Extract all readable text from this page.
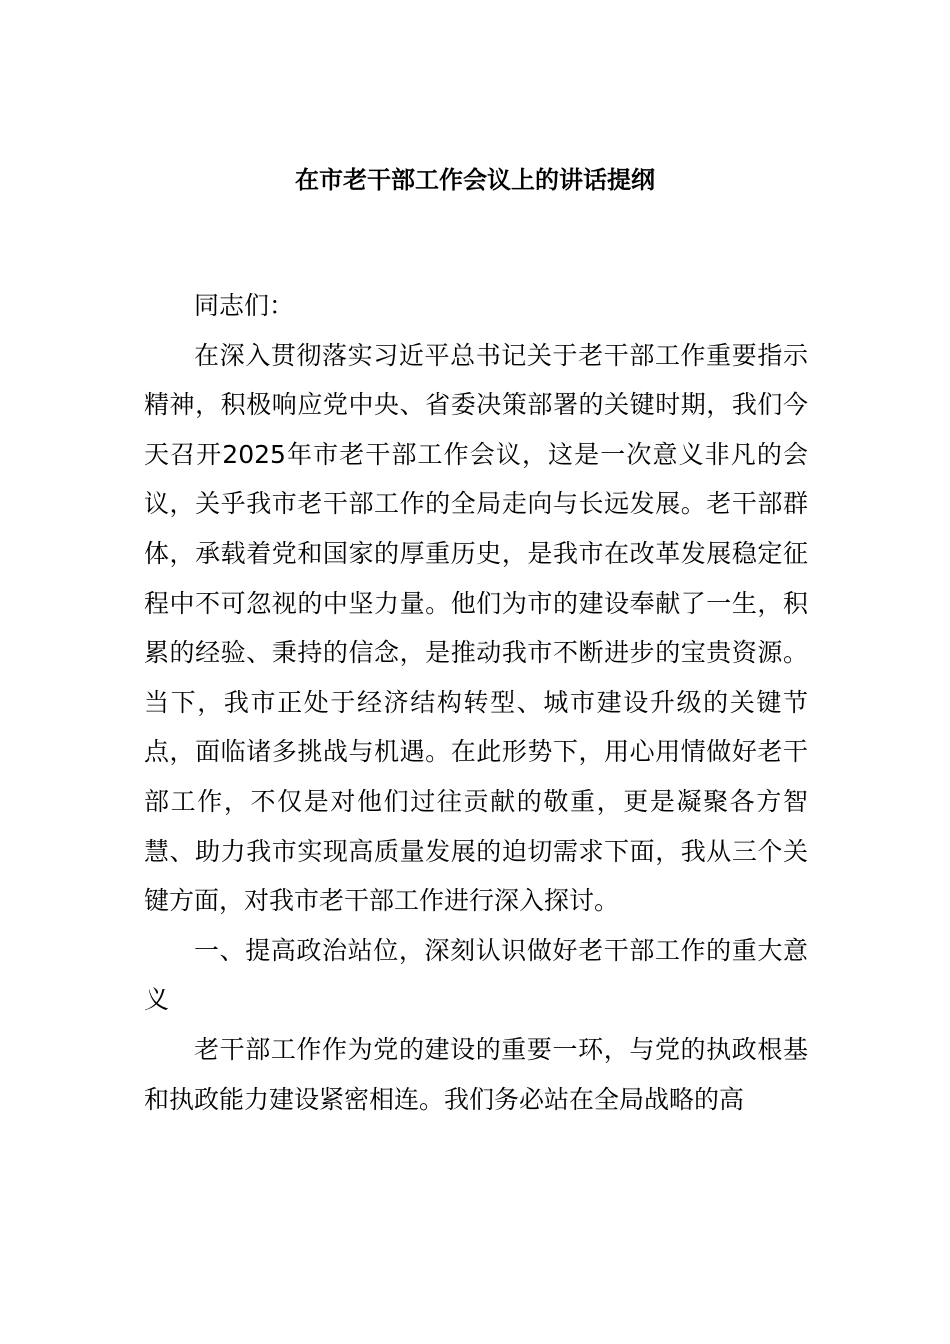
在市老干部工作会议上的讲话提纲

同志们：

在深入贯彻落实习近平总书记关于老干部工作重要指示精神，积极响应党中央、省委决策部署的关键时期，我们今天召开2025年市老干部工作会议，这是一次意义非凡的会议，关乎我市老干部工作的全局走向与长远发展。老干部群体，承载着党和国家的厚重历史，是我市在改革发展稳定征程中不可忽视的中坚力量。他们为市的建设奉献了一生，积累的经验、秉持的信念，是推动我市不断进步的宝贵资源。当下，我市正处于经济结构转型、城市建设升级的关键节点，面临诸多挑战与机遇。在此形势下，用心用情做好老干部工作，不仅是对他们过往贡献的敬重，更是凝聚各方智慧、助力我市实现高质量发展的迫切需求下面，我从三个关键方面，对我市老干部工作进行深入探讨。

一、提高政治站位，深刻认识做好老干部工作的重大意义

老干部工作作为党的建设的重要一环，与党的执政根基和执政能力建设紧密相连。我们务必站在全局战略的高
